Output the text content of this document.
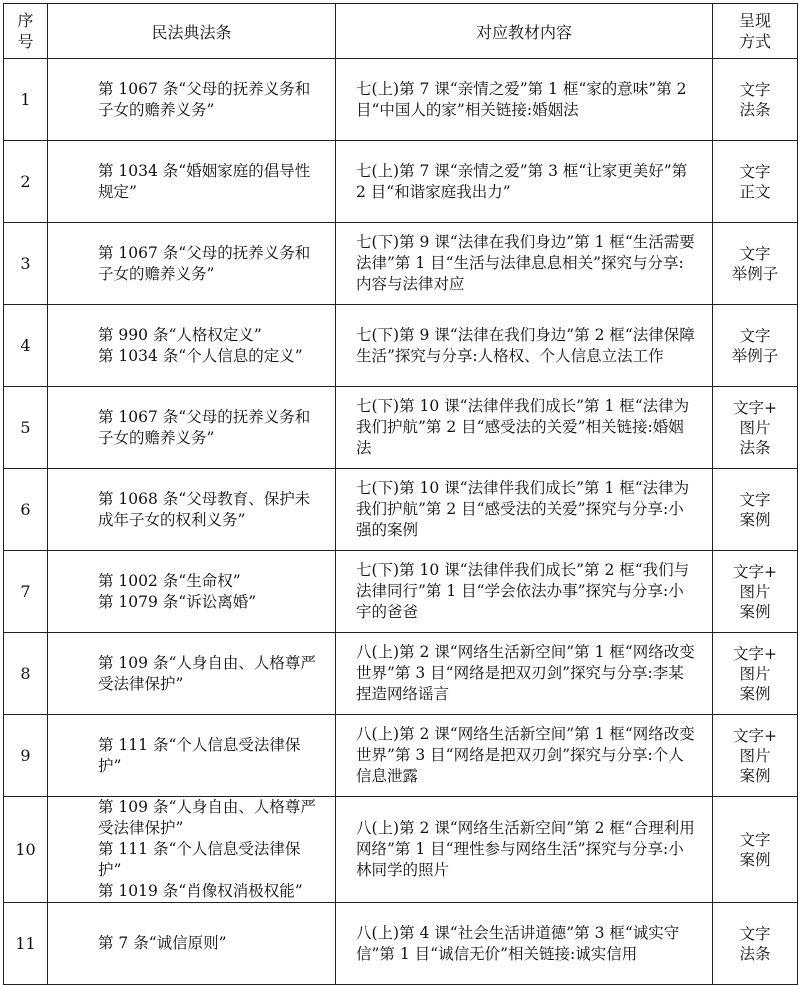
序
号	民法典法条	对应教材内容	呈现
方式

1	第 1067 条“父母的抚养义务和子女的赡养义务”	七(上)第 7 课“亲情之爱”第 1 框“家的意味”第 2 目“中国人的家”相关链接:婚姻法	文字
法条

2	第 1034 条“婚姻家庭的倡导性规定”	七(上)第 7 课“亲情之爱”第 3 框“让家更美好”第 2 目“和谐家庭我出力”	文字
正文

3	第 1067 条“父母的抚养义务和子女的赡养义务”	七(下)第 9 课“法律在我们身边”第 1 框“生活需要法律”第 1 目“生活与法律息息相关”探究与分享:内容与法律对应	文字
举例子

4	第 990 条“人格权定义”
第 1034 条“个人信息的定义”	七(下)第 9 课“法律在我们身边”第 2 框“法律保障生活”探究与分享:人格权、个人信息立法工作	文字
举例子

5	第 1067 条“父母的抚养义务和子女的赡养义务”	七(下)第 10 课“法律伴我们成长”第 1 框“法律为我们护航”第 2 目“感受法的关爱”相关链接:婚姻法	文字+
图片
法条

6	第 1068 条“父母教育、保护未成年子女的权利义务”	七(下)第 10 课“法律伴我们成长”第 1 框“法律为我们护航”第 2 目“感受法的关爱”探究与分享:小强的案例	文字
案例

7	第 1002 条“生命权”
第 1079 条“诉讼离婚”	七(下)第 10 课“法律伴我们成长”第 2 框“我们与法律同行”第 1 目“学会依法办事”探究与分享:小宇的爸爸	文字+
图片
案例

8	第 109 条“人身自由、人格尊严受法律保护”	八(上)第 2 课“网络生活新空间”第 1 框“网络改变世界”第 3 目“网络是把双刃剑”探究与分享:李某捏造网络谣言	文字+
图片
案例

9	第 111 条“个人信息受法律保护”	八(上)第 2 课“网络生活新空间”第 1 框“网络改变世界”第 3 目“网络是把双刃剑”探究与分享:个人信息泄露	文字+
图片
案例

10	第 109 条“人身自由、人格尊严受法律保护”
第 111 条“个人信息受法律保护”
第 1019 条“肖像权消极权能”	八(上)第 2 课“网络生活新空间”第 2 框“合理利用网络”第 1 目“理性参与网络生活”探究与分享:小林同学的照片	文字
案例

11	第 7 条“诚信原则”	八(上)第 4 课“社会生活讲道德”第 3 框“诚实守信”第 1 目“诚信无价”相关链接:诚实信用	文字
法条
